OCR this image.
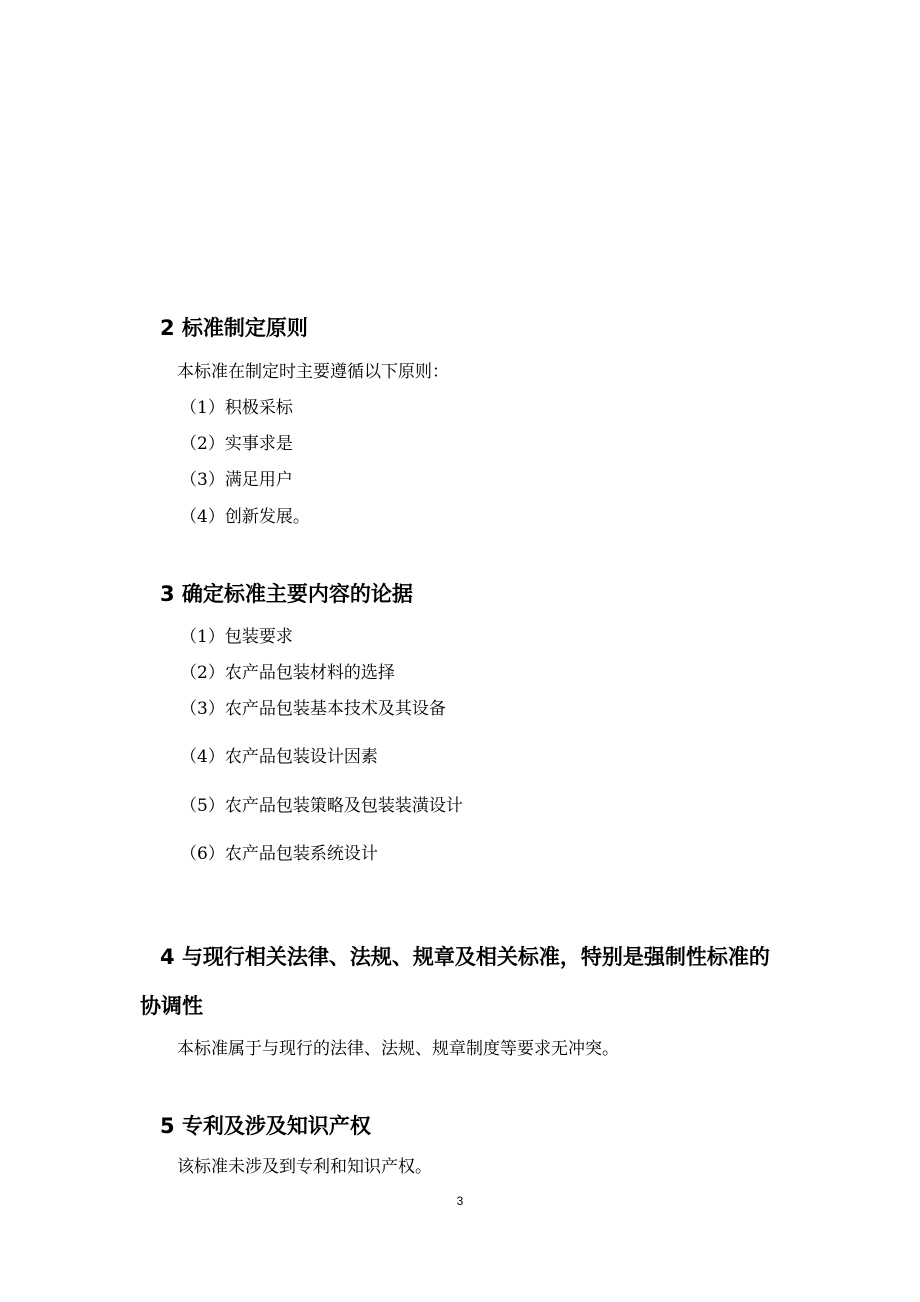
2 标准制定原则

本标准在制定时主要遵循以下原则：

（1）积极采标

（2）实事求是

（3）满足用户

（4）创新发展。

3 确定标准主要内容的论据

（1）包装要求

（2）农产品包装材料的选择

（3）农产品包装基本技术及其设备

（4）农产品包装设计因素

（5）农产品包装策略及包装装潢设计

（6）农产品包装系统设计

4 与现行相关法律、法规、规章及相关标准，特别是强制性标准的
协调性

本标准属于与现行的法律、法规、规章制度等要求无冲突。

5 专利及涉及知识产权

该标准未涉及到专利和知识产权。

3
